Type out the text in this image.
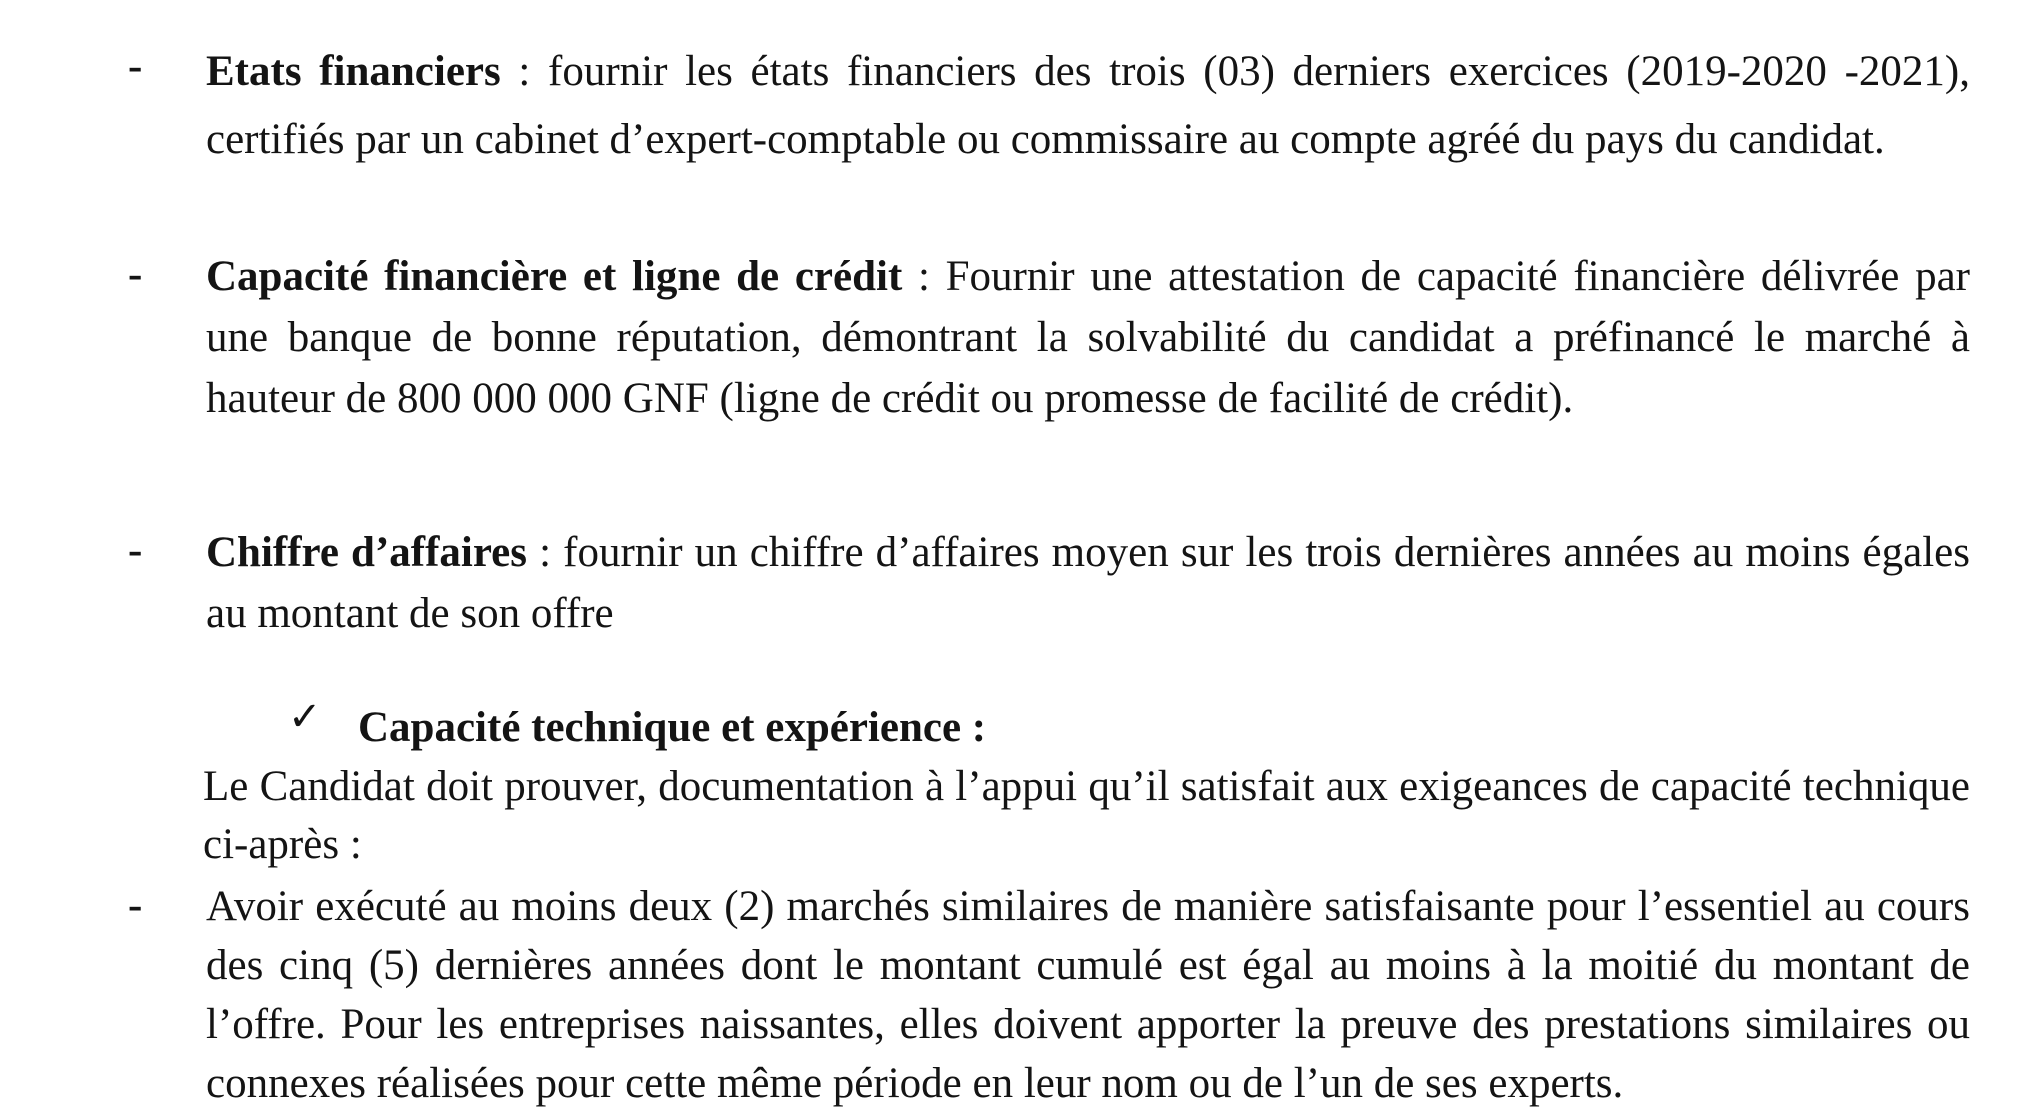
- Etats financiers : fournir les états financiers des trois (03) derniers exercices (2019-2020 -2021), certifiés par un cabinet d’expert-comptable ou commissaire au compte agréé du pays du candidat.

- Capacité financière et ligne de crédit : Fournir une attestation de capacité financière délivrée par une banque de bonne réputation, démontrant la solvabilité du candidat a préfinancé le marché à hauteur de 800 000 000 GNF (ligne de crédit ou promesse de facilité de crédit).

- Chiffre d’affaires : fournir un chiffre d’affaires moyen sur les trois dernières années au moins égales au montant de son offre

✓ Capacité technique et expérience :

Le Candidat doit prouver, documentation à l’appui qu’il satisfait aux exigeances de capacité technique ci-après :

- Avoir exécuté au moins deux (2) marchés similaires de manière satisfaisante pour l’essentiel au cours des cinq (5) dernières années dont le montant cumulé est égal au moins à la moitié du montant de l’offre. Pour les entreprises naissantes, elles doivent apporter la preuve des prestations similaires ou connexes réalisées pour cette même période en leur nom ou de l’un de ses experts.
